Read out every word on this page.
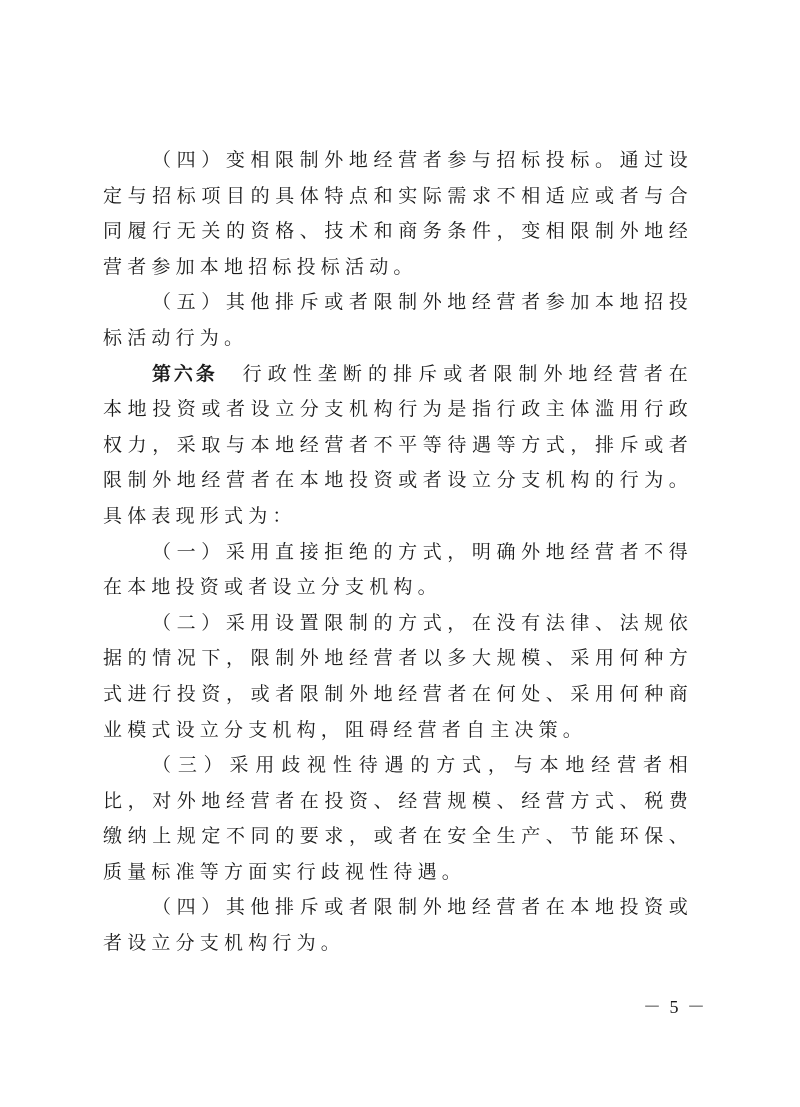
（四）变相限制外地经营者参与招标投标。通过设定与招标项目的具体特点和实际需求不相适应或者与合同履行无关的资格、技术和商务条件，变相限制外地经营者参加本地招标投标活动。

（五）其他排斥或者限制外地经营者参加本地招投标活动行为。

第六条　行政性垄断的排斥或者限制外地经营者在本地投资或者设立分支机构行为是指行政主体滥用行政权力，采取与本地经营者不平等待遇等方式，排斥或者限制外地经营者在本地投资或者设立分支机构的行为。具体表现形式为：

（一）采用直接拒绝的方式，明确外地经营者不得在本地投资或者设立分支机构。

（二）采用设置限制的方式，在没有法律、法规依据的情况下，限制外地经营者以多大规模、采用何种方式进行投资，或者限制外地经营者在何处、采用何种商业模式设立分支机构，阻碍经营者自主决策。

（三）采用歧视性待遇的方式，与本地经营者相比，对外地经营者在投资、经营规模、经营方式、税费缴纳上规定不同的要求，或者在安全生产、节能环保、质量标准等方面实行歧视性待遇。

（四）其他排斥或者限制外地经营者在本地投资或者设立分支机构行为。

－ 5 －
